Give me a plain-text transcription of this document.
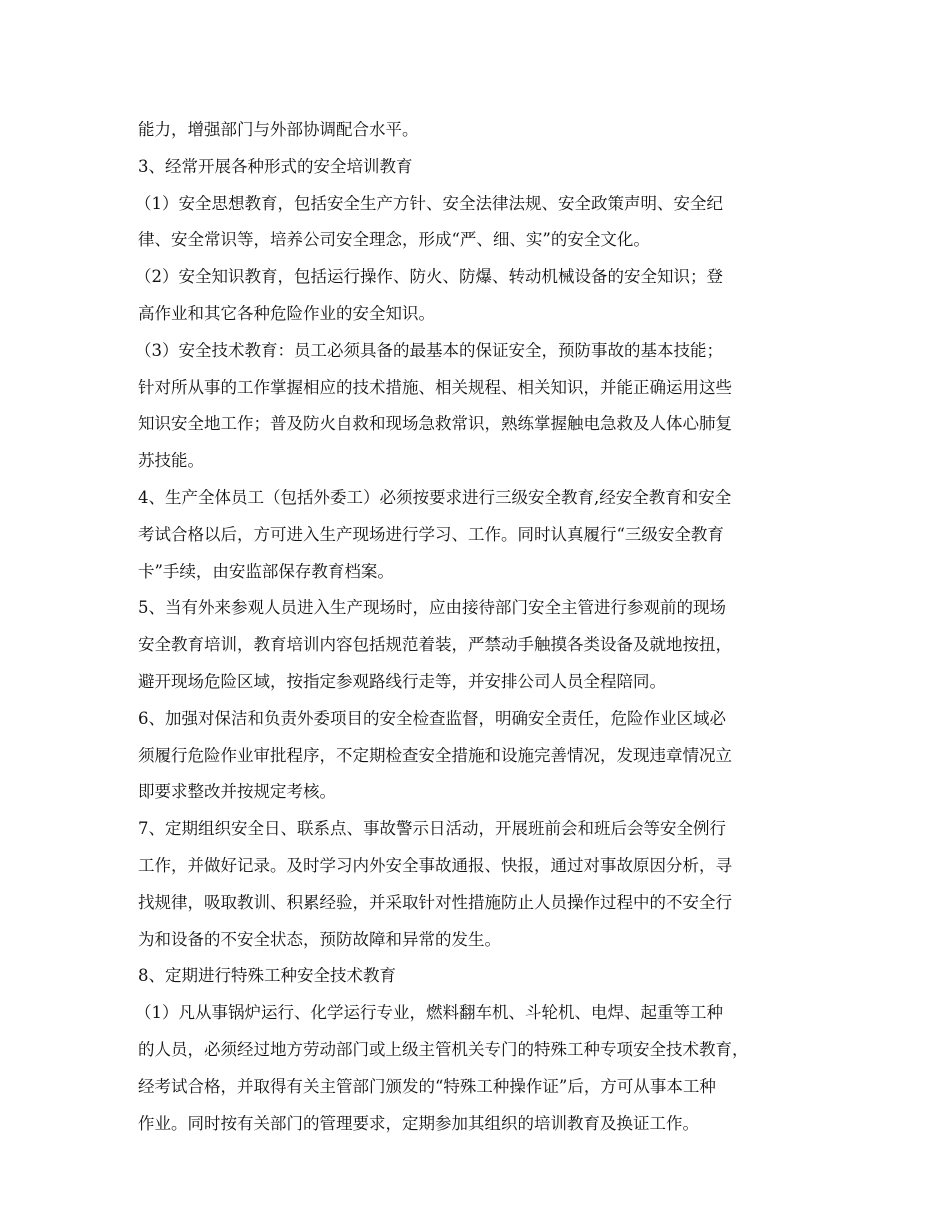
能力，增强部门与外部协调配合水平。
3、经常开展各种形式的安全培训教育
（1）安全思想教育，包括安全生产方针、安全法律法规、安全政策声明、安全纪
律、安全常识等，培养公司安全理念，形成“严、细、实”的安全文化。
（2）安全知识教育，包括运行操作、防火、防爆、转动机械设备的安全知识；登
高作业和其它各种危险作业的安全知识。
（3）安全技术教育：员工必须具备的最基本的保证安全，预防事故的基本技能；
针对所从事的工作掌握相应的技术措施、相关规程、相关知识，并能正确运用这些
知识安全地工作；普及防火自救和现场急救常识，熟练掌握触电急救及人体心肺复
苏技能。
4、生产全体员工（包括外委工）必须按要求进行三级安全教育,经安全教育和安全
考试合格以后，方可进入生产现场进行学习、工作。同时认真履行“三级安全教育
卡”手续，由安监部保存教育档案。
5、当有外来参观人员进入生产现场时，应由接待部门安全主管进行参观前的现场
安全教育培训，教育培训内容包括规范着装，严禁动手触摸各类设备及就地按扭，
避开现场危险区域，按指定参观路线行走等，并安排公司人员全程陪同。
6、加强对保洁和负责外委项目的安全检查监督，明确安全责任，危险作业区域必
须履行危险作业审批程序，不定期检查安全措施和设施完善情况，发现违章情况立
即要求整改并按规定考核。
7、定期组织安全日、联系点、事故警示日活动，开展班前会和班后会等安全例行
工作，并做好记录。及时学习内外安全事故通报、快报，通过对事故原因分析，寻
找规律，吸取教训、积累经验，并采取针对性措施防止人员操作过程中的不安全行
为和设备的不安全状态，预防故障和异常的发生。
8、定期进行特殊工种安全技术教育
（1）凡从事锅炉运行、化学运行专业，燃料翻车机、斗轮机、电焊、起重等工种
的人员，必须经过地方劳动部门或上级主管机关专门的特殊工种专项安全技术教育，
经考试合格，并取得有关主管部门颁发的“特殊工种操作证”后，方可从事本工种
作业。同时按有关部门的管理要求，定期参加其组织的培训教育及换证工作。
